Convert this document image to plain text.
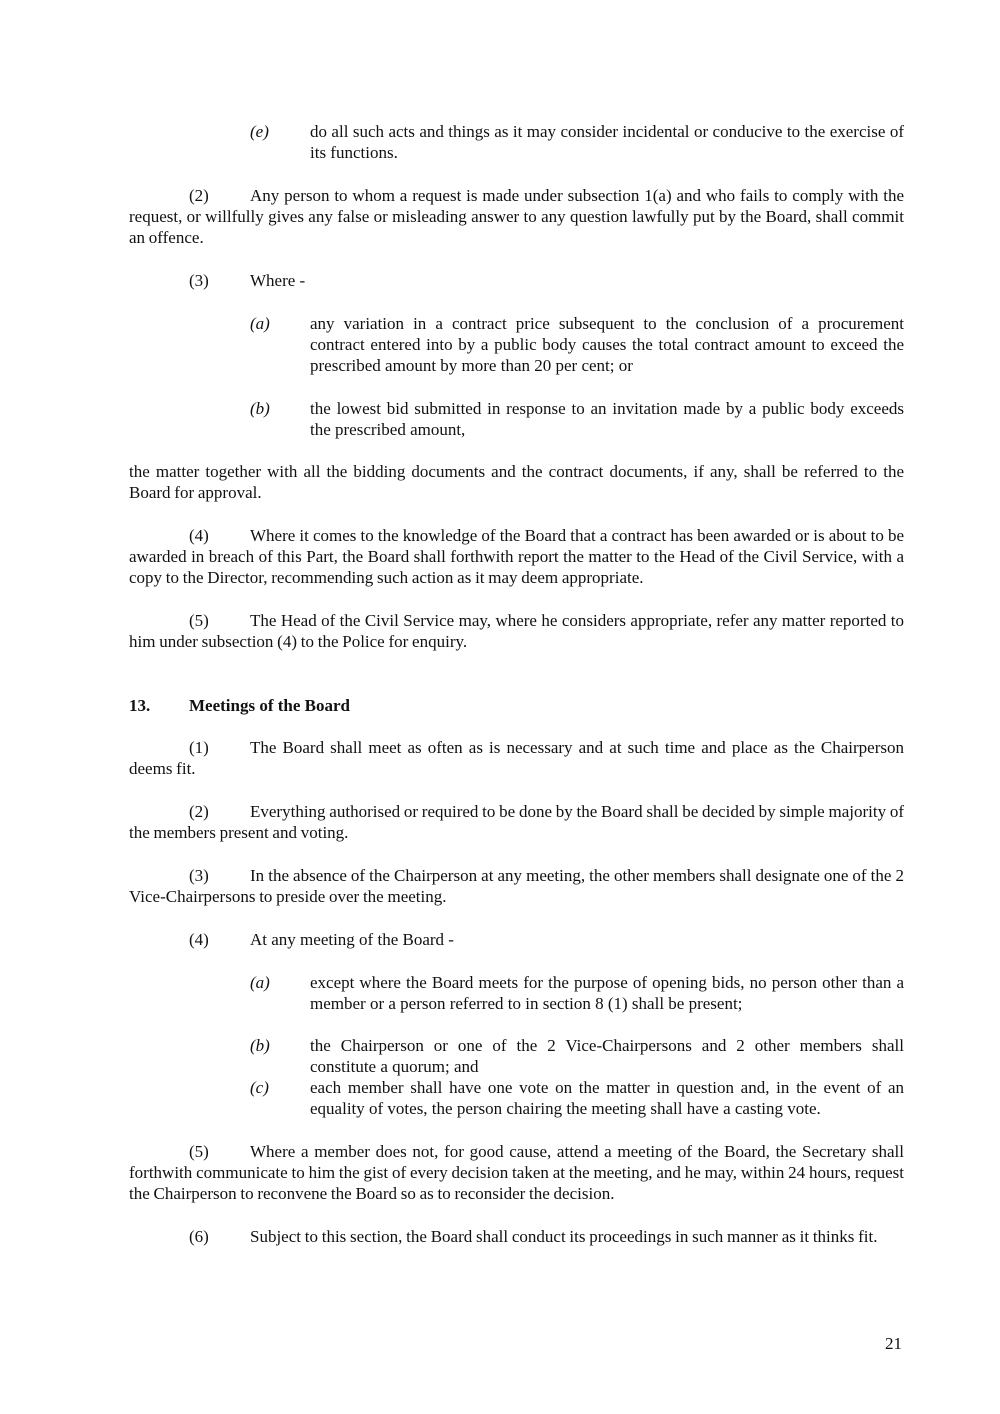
(e) do all such acts and things as it may consider incidental or conducive to the exercise of its functions.
(2) Any person to whom a request is made under subsection 1(a) and who fails to comply with the request, or willfully gives any false or misleading answer to any question lawfully put by the Board, shall commit an offence.
(3) Where -
(a) any variation in a contract price subsequent to the conclusion of a procurement contract entered into by a public body causes the total contract amount to exceed the prescribed amount by more than 20 per cent; or
(b) the lowest bid submitted in response to an invitation made by a public body exceeds the prescribed amount,
the matter together with all the bidding documents and the contract documents, if any, shall be referred to the Board for approval.
(4) Where it comes to the knowledge of the Board that a contract has been awarded or is about to be awarded in breach of this Part, the Board shall forthwith report the matter to the Head of the Civil Service, with a copy to the Director, recommending such action as it may deem appropriate.
(5) The Head of the Civil Service may, where he considers appropriate, refer any matter reported to him under subsection (4) to the Police for enquiry.
13. Meetings of the Board
(1) The Board shall meet as often as is necessary and at such time and place as the Chairperson deems fit.
(2) Everything authorised or required to be done by the Board shall be decided by simple majority of the members present and voting.
(3) In the absence of the Chairperson at any meeting, the other members shall designate one of the 2 Vice-Chairpersons to preside over the meeting.
(4) At any meeting of the Board -
(a) except where the Board meets for the purpose of opening bids, no person other than a member or a person referred to in section 8 (1) shall be present;
(b) the Chairperson or one of the 2 Vice-Chairpersons and 2 other members shall constitute a quorum; and
(c) each member shall have one vote on the matter in question and, in the event of an equality of votes, the person chairing the meeting shall have a casting vote.
(5) Where a member does not, for good cause, attend a meeting of the Board, the Secretary shall forthwith communicate to him the gist of every decision taken at the meeting, and he may, within 24 hours, request the Chairperson to reconvene the Board so as to reconsider the decision.
(6) Subject to this section, the Board shall conduct its proceedings in such manner as it thinks fit.
21
